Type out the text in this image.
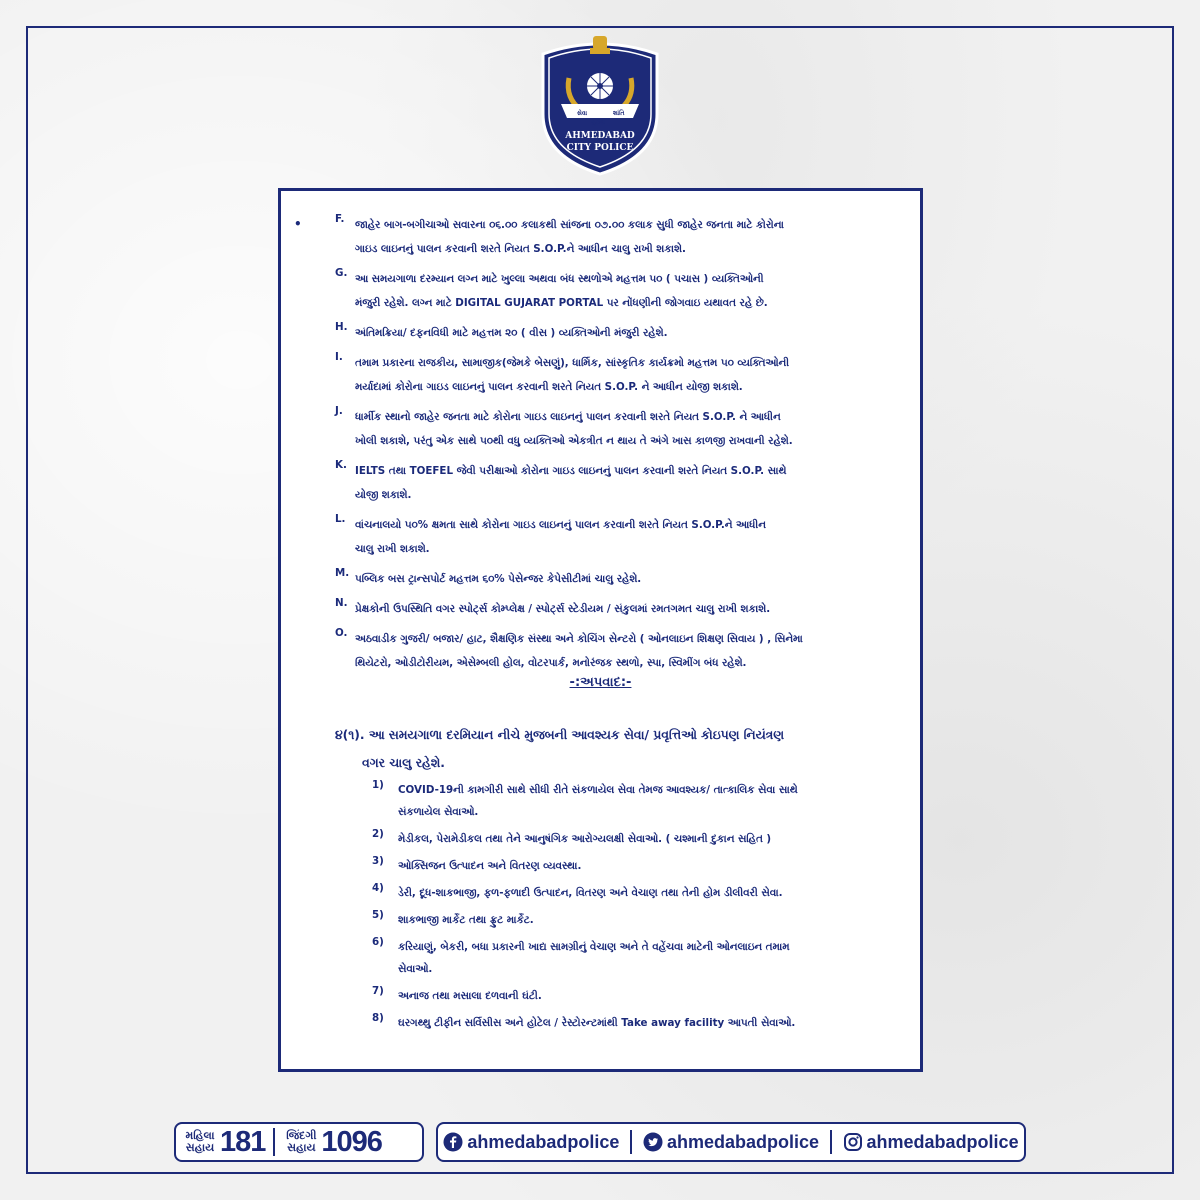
સેવા
સુરક્ષા
શાંતિ
AHMEDABAD
CITY POLICE
•	F.	જાહેર બાગ-બગીચાઓ સવારના ૦૬.૦૦ કલાકથી સાંજના ૦૭.૦૦ કલાક સુધી જાહેર જનતા માટે કોરોના
ગાઇડ લાઇનનું પાલન કરવાની શરતે નિયત S.O.P.ને આધીન ચાલુ રાખી શકાશે.
G. આ સમયગાળા દરમ્યાન લગ્ન માટે ખુલ્લા અથવા બંધ સ્થળોએ મહત્તમ ૫૦ ( પચાસ ) વ્યક્તિઓની
મંજુરી રહેશે. લગ્ન માટે DIGITAL GUJARAT PORTAL પર નોંધણીની જોગવાઇ યથાવત રહે છે.
H. અંતિમક્રિયા/ દફનવિધી માટે મહત્તમ ૨૦ ( વીસ ) વ્યક્તિઓની મંજુરી રહેશે.
I.	તમામ પ્રકારના રાજકીય, સામાજીક(જેમકે બેસણું), ધાર્મિક, સાંસ્કૃતિક કાર્યક્રમો મહત્તમ ૫૦ વ્યક્તિઓની
મર્યાદામાં કોરોના ગાઇડ લાઇનનું પાલન કરવાની શરતે નિયત S.O.P. ને આધીન યોજી શકાશે.
J.	ધાર્મીક સ્થાનો જાહેર જનતા માટે કોરોના ગાઇડ લાઇનનું પાલન કરવાની શરતે નિયત S.O.P. ને આધીન
ખોલી શકાશે, પરંતુ એક સાથે ૫૦થી વધુ વ્યક્તિઓ એકત્રીત ન થાય તે અંગે ખાસ કાળજી રાખવાની રહેશે.
K. IELTS તથા TOEFEL જેવી પરીક્ષાઓ કોરોના ગાઇડ લાઇનનું પાલન કરવાની શરતે નિયત S.O.P. સાથે
યોજી શકાશે.
L. વાંચનાલયો ૫૦% ક્ષમતા સાથે કોરોના ગાઇડ લાઇનનું પાલન કરવાની શરતે નિયત S.O.P.ને આધીન
ચાલુ રાખી શકાશે.
M. પબ્લિક બસ ટ્રાન્સપોર્ટ મહત્તમ ૬૦% પેસેન્જર કેપેસીટીમાં ચાલુ રહેશે.
N. પ્રેક્ષકોની ઉપસ્થિતિ વગર સ્પોર્ટ્સ કોમ્પ્લેક્ષ / સ્પોર્ટ્સ સ્ટેડીયમ / સંકુલમાં રમતગમત ચાલુ રાખી શકાશે.
O. અઠવાડીક ગુજરી/ બજાર/ હાટ, શૈક્ષણિક સંસ્થા અને કોચિંગ સેન્ટરો ( ઓનલાઇન શિક્ષણ સિવાય ) , સિનેમા
થિયેટરો, ઓડીટોરીયમ, એસેમ્બલી હોલ, વોટરપાર્ક, મનોરંજક સ્થળો, સ્પા, સ્વિમીંગ બંધ રહેશે.
-:અપવાદ:-
૪(૧). આ સમયગાળા દરમિયાન નીચે મુજબની આવશ્યક સેવા/ પ્રવૃત્તિઓ કોઇપણ નિયંત્રણ
વગર ચાલુ રહેશે.
1)	COVID-19ની કામગીરી સાથે સીધી રીતે સંકળાયેલ સેવા તેમજ આવશ્યક/ તાત્કાલિક સેવા સાથે
સંકળાયેલ સેવાઓ.
2)	મેડીકલ, પેરામેડીકલ તથા તેને આનુષંગિક આરોગ્યલક્ષી સેવાઓ. ( ચશ્માની દુકાન સહિત )
3)	ઓક્સિજન ઉત્પાદન અને વિતરણ વ્યવસ્થા.
4)	ડેરી, દૂધ-શાકભાજી, ફળ-ફળાદી ઉત્પાદન, વિતરણ અને વેચાણ તથા તેની હોમ ડીલીવરી સેવા.
5)	શાકભાજી માર્કેટ તથા ફ્રુટ માર્કેટ.
6)	કરિયાણું, બેકરી, બધા પ્રકારની ખાદ્ય સામગ્રીનું વેચાણ અને તે વહેંચવા માટેની ઓનલાઇન તમામ
સેવાઓ.
7)	અનાજ તથા મસાલા દળવાની ઘંટી.
8)	ઘરગથ્થુ ટીફીન સર્વિસીસ અને હોટેલ / રેસ્ટોરન્ટમાંથી Take away facility આપતી સેવાઓ.
મહિલા
સહાય 181 જિંદગી
સહાય 1096	ahmedabadpolice	ahmedabadpolice	ahmedabadpolice
